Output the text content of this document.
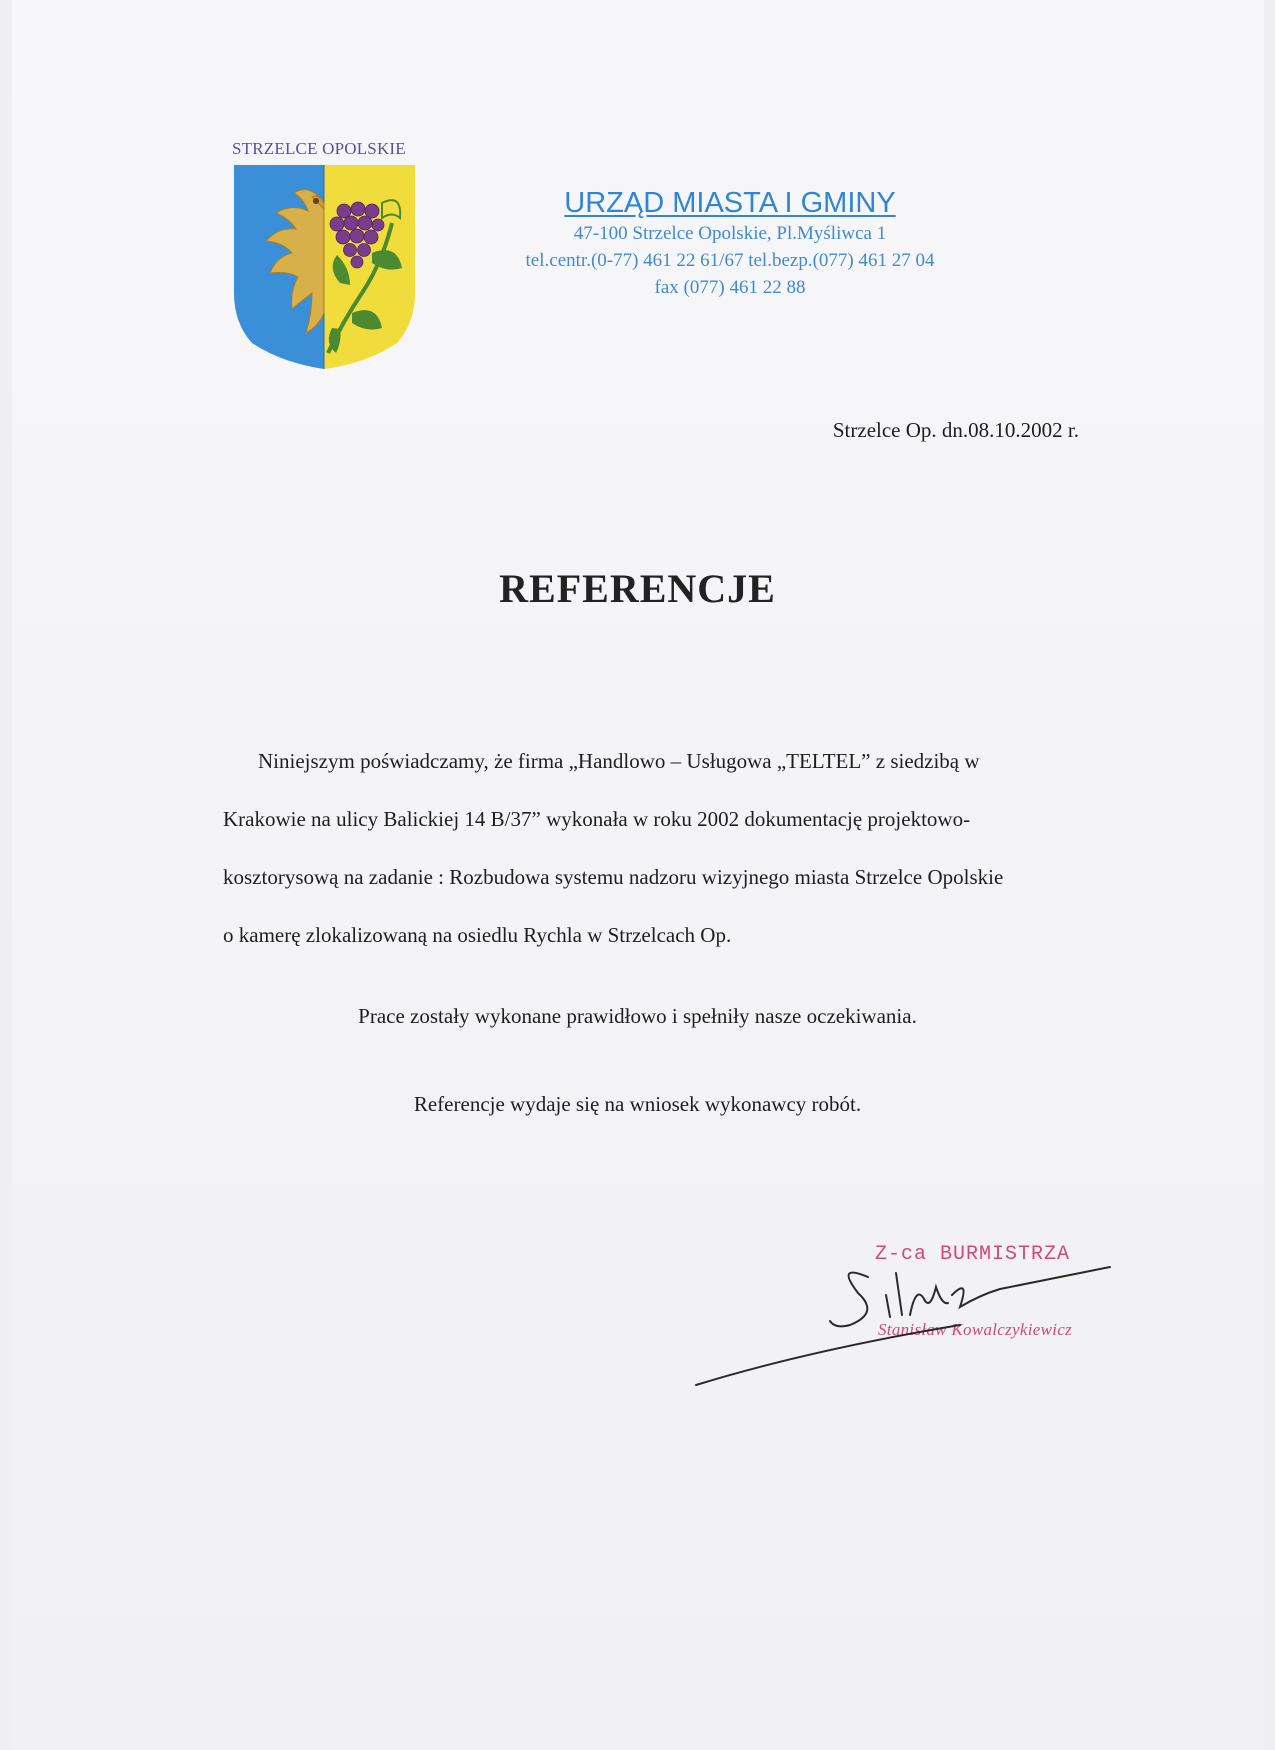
STRZELCE OPOLSKIE
URZĄD MIASTA I GMINY
47-100 Strzelce Opolskie, Pl.Myśliwca 1
tel.centr.(0-77) 461 22 61/67 tel.bezp.(077) 461 27 04
fax (077) 461 22 88
Strzelce Op. dn.08.10.2002 r.
REFERENCJE

Niniejszym poświadczamy, że firma „Handlowo – Usługowa „TELTEL” z siedzibą w

Krakowie na ulicy Balickiej 14 B/37” wykonała w roku 2002 dokumentację projektowo-

kosztorysową na zadanie : Rozbudowa systemu nadzoru wizyjnego miasta Strzelce Opolskie

o kamerę zlokalizowaną na osiedlu Rychla w Strzelcach Op.

Prace zostały wykonane prawidłowo i spełniły nasze oczekiwania.
Referencje wydaje się na wniosek wykonawcy robót.
Z-ca BURMISTRZA
Stanisław Kowalczykiewicz
